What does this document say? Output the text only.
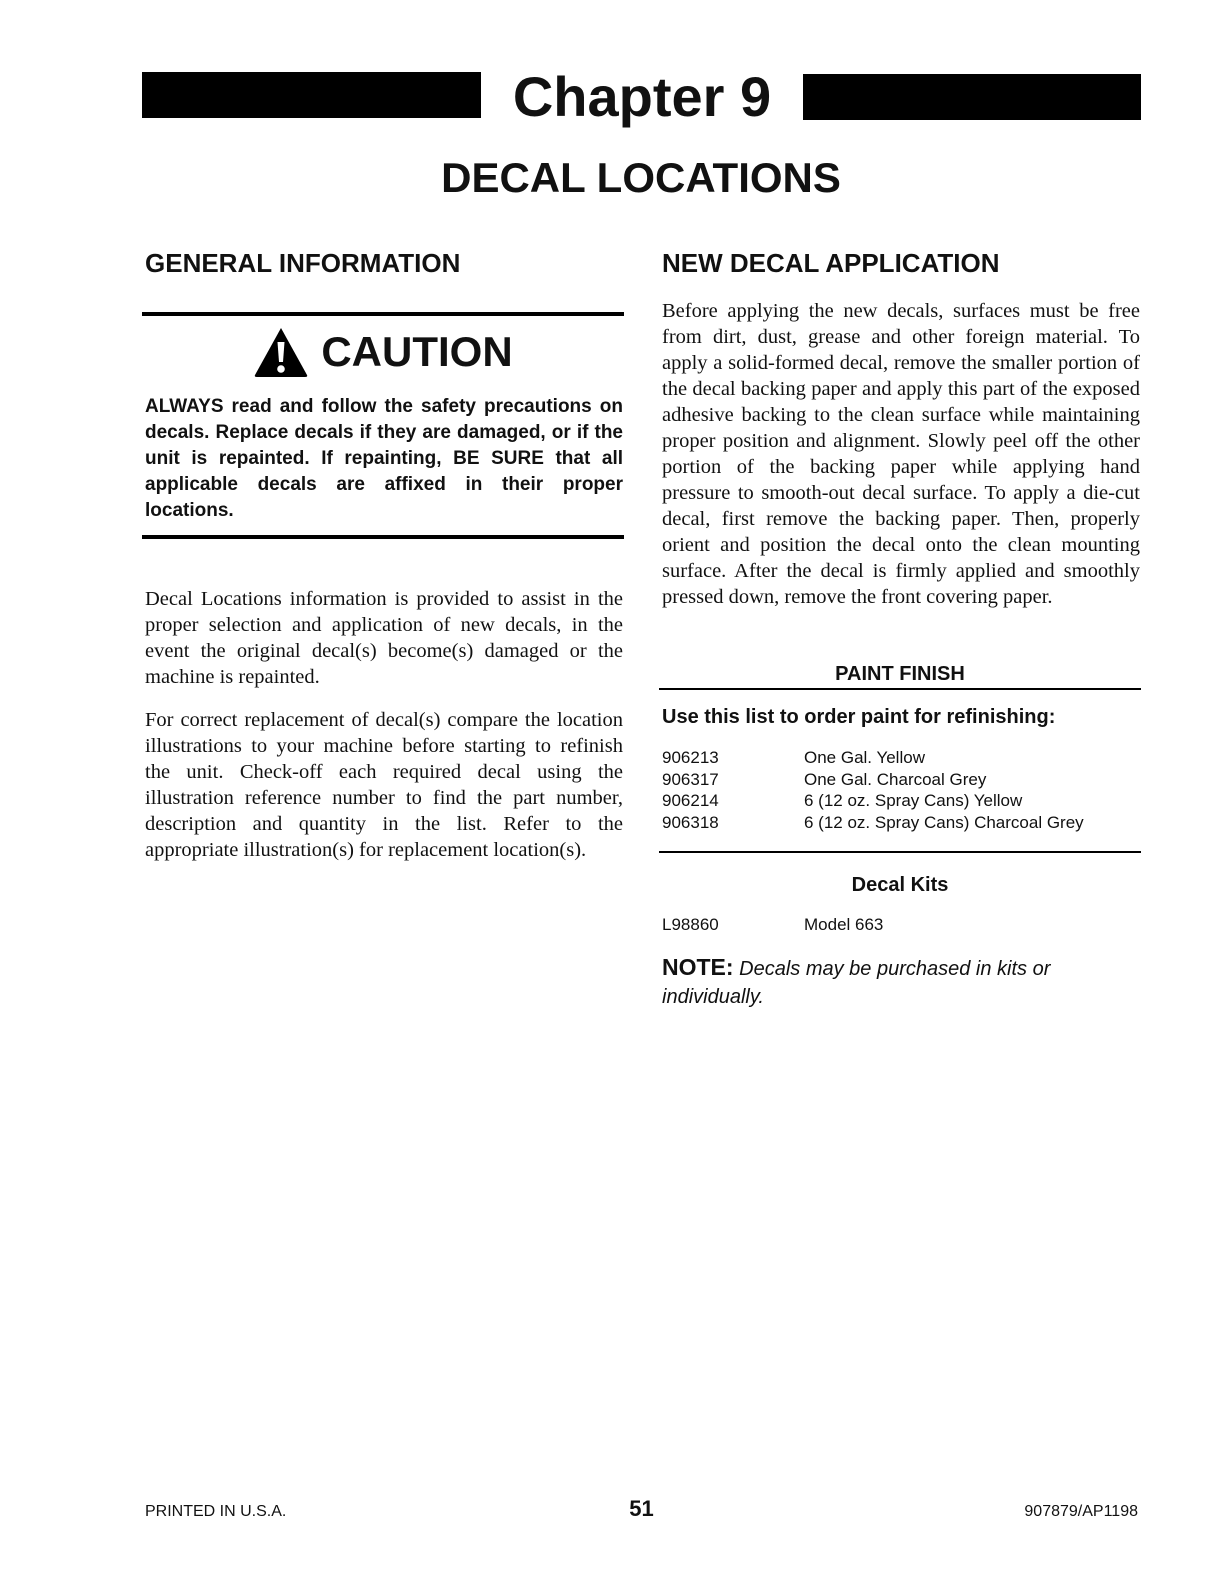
Chapter 9
DECAL LOCATIONS
GENERAL INFORMATION
CAUTION

ALWAYS read and follow the safety precautions on decals. Replace decals if they are damaged, or if the unit is repainted. If repainting, BE SURE that all applicable decals are affixed in their proper locations.

Decal Locations information is provided to assist in the proper selection and application of new decals, in the event the original decal(s) become(s) damaged or the machine is repainted.

For correct replacement of decal(s) compare the location illustrations to your machine before starting to refinish the unit. Check-off each required decal using the illustration reference number to find the part number, description and quantity in the list. Refer to the appropriate illustration(s) for replacement location(s).

NEW DECAL APPLICATION

Before applying the new decals, surfaces must be free from dirt, dust, grease and other foreign material. To apply a solid-formed decal, remove the smaller portion of the decal backing paper and apply this part of the exposed adhesive backing to the clean surface while maintaining proper position and alignment. Slowly peel off the other portion of the backing paper while applying hand pressure to smooth-out decal surface. To apply a die-cut decal, first remove the backing paper. Then, properly orient and position the decal onto the clean mounting surface. After the decal is firmly applied and smoothly pressed down, remove the front covering paper.

PAINT FINISH

Use this list to order paint for refinishing:

906213	One Gal. Yellow
906317	One Gal. Charcoal Grey
906214	6 (12 oz. Spray Cans) Yellow
906318	6 (12 oz. Spray Cans) Charcoal Grey
Decal Kits
L98860	Model 663

NOTE: Decals may be purchased in kits or individually.

PRINTED IN U.S.A.	51	907879/AP1198
